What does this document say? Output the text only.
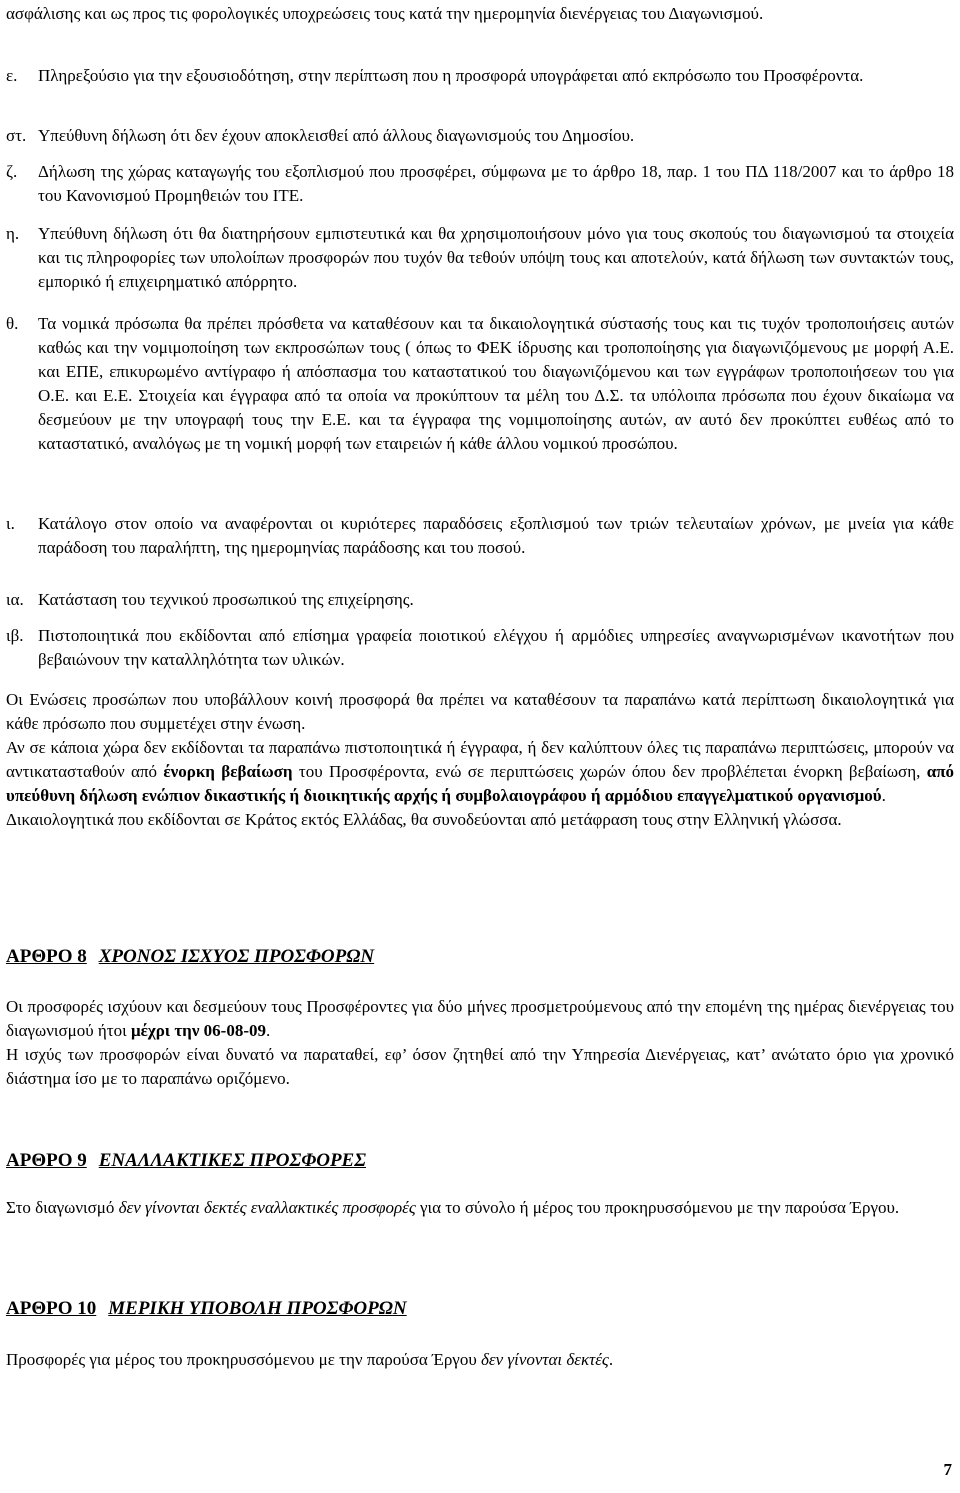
ασφάλισης και ως προς τις φορολογικές υποχρεώσεις τους κατά την ημερομηνία διενέργειας του Διαγωνισμού.

ε. Πληρεξούσιο για την εξουσιοδότηση, στην περίπτωση που η προσφορά υπογράφεται από εκπρόσωπο του Προσφέροντα.
στ. Υπεύθυνη δήλωση ότι δεν έχουν αποκλεισθεί από άλλους διαγωνισμούς του Δημοσίου.
ζ. Δήλωση της χώρας καταγωγής του εξοπλισμού που προσφέρει, σύμφωνα με το άρθρο 18, παρ. 1 του ΠΔ 118/2007 και το άρθρο 18 του Κανονισμού Προμηθειών του ΙΤΕ.
η. Υπεύθυνη δήλωση ότι θα διατηρήσουν εμπιστευτικά και θα χρησιμοποιήσουν μόνο για τους σκοπούς του διαγωνισμού τα στοιχεία και τις πληροφορίες των υπολοίπων προσφορών που τυχόν θα τεθούν υπόψη τους και αποτελούν, κατά δήλωση των συντακτών τους, εμπορικό ή επιχειρηματικό απόρρητο.
θ. Τα νομικά πρόσωπα θα πρέπει πρόσθετα να καταθέσουν και τα δικαιολογητικά σύστασής τους και τις τυχόν τροποποιήσεις αυτών καθώς και την νομιμοποίηση των εκπροσώπων τους ( όπως το ΦΕΚ ίδρυσης και τροποποίησης για διαγωνιζόμενους με μορφή Α.Ε. και ΕΠΕ, επικυρωμένο αντίγραφο ή απόσπασμα του καταστατικού του διαγωνιζόμενου και των εγγράφων τροποποιήσεων του για Ο.Ε. και Ε.Ε. Στοιχεία και έγγραφα από τα οποία να προκύπτουν τα μέλη του Δ.Σ. τα υπόλοιπα πρόσωπα που έχουν δικαίωμα να δεσμεύουν με την υπογραφή τους την Ε.Ε. και τα έγγραφα της νομιμοποίησης αυτών, αν αυτό δεν προκύπτει ευθέως από το καταστατικό, αναλόγως με τη νομική μορφή των εταιρειών ή κάθε άλλου νομικού προσώπου.
ι. Κατάλογο στον οποίο να αναφέρονται οι κυριότερες παραδόσεις εξοπλισμού των τριών τελευταίων χρόνων, με μνεία για κάθε παράδοση του παραλήπτη, της ημερομηνίας παράδοσης και του ποσού.
ια. Κατάσταση του τεχνικού προσωπικού της επιχείρησης.
ιβ. Πιστοποιητικά που εκδίδονται από επίσημα γραφεία ποιοτικού ελέγχου ή αρμόδιες υπηρεσίες αναγνωρισμένων ικανοτήτων που βεβαιώνουν την καταλληλότητα των υλικών.

Οι Ενώσεις προσώπων που υποβάλλουν κοινή προσφορά θα πρέπει να καταθέσουν τα παραπάνω κατά περίπτωση δικαιολογητικά για κάθε πρόσωπο που συμμετέχει στην ένωση.

Αν σε κάποια χώρα δεν εκδίδονται τα παραπάνω πιστοποιητικά ή έγγραφα, ή δεν καλύπτουν όλες τις παραπάνω περιπτώσεις, μπορούν να αντικατασταθούν από ένορκη βεβαίωση του Προσφέροντα, ενώ σε περιπτώσεις χωρών όπου δεν προβλέπεται ένορκη βεβαίωση, από υπεύθυνη δήλωση ενώπιον δικαστικής ή διοικητικής αρχής ή συμβολαιογράφου ή αρμόδιου επαγγελματικού οργανισμού.

Δικαιολογητικά που εκδίδονται σε Κράτος εκτός Ελλάδας, θα συνοδεύονται από μετάφραση τους στην Ελληνική γλώσσα.

ΑΡΘΡΟ 8 ΧΡΟΝΟΣ ΙΣΧΥΟΣ ΠΡΟΣΦΟΡΩΝ

Οι προσφορές ισχύουν και δεσμεύουν τους Προσφέροντες για δύο μήνες προσμετρούμενους από την επομένη της ημέρας διενέργειας του διαγωνισμού ήτοι μέχρι την 06-08-09.

Η ισχύς των προσφορών είναι δυνατό να παραταθεί, εφ’ όσον ζητηθεί από την Υπηρεσία Διενέργειας, κατ’ ανώτατο όριο για χρονικό διάστημα ίσο με το παραπάνω οριζόμενο.

ΑΡΘΡΟ 9 ΕΝΑΛΛΑΚΤΙΚΕΣ ΠΡΟΣΦΟΡΕΣ

Στο διαγωνισμό δεν γίνονται δεκτές εναλλακτικές προσφορές για το σύνολο ή μέρος του προκηρυσσόμενου με την παρούσα Έργου.

ΑΡΘΡΟ 10 ΜΕΡΙΚΗ ΥΠΟΒΟΛΗ ΠΡΟΣΦΟΡΩΝ

Προσφορές για μέρος του προκηρυσσόμενου με την παρούσα Έργου δεν γίνονται δεκτές.

7
